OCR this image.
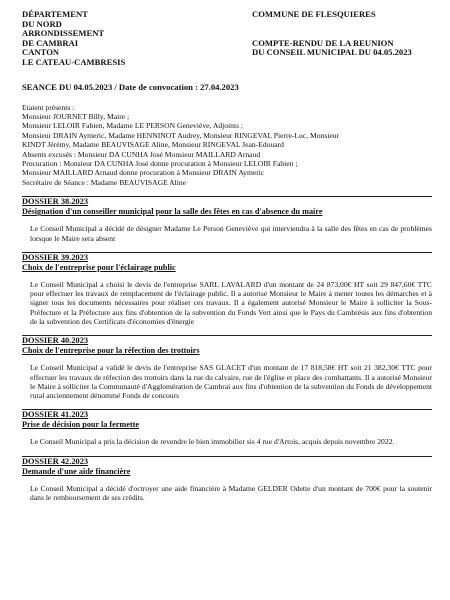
DÉPARTEMENT
DU NORD
ARRONDISSEMENT
DE CAMBRAI
CANTON
LE CATEAU-CAMBRESIS
COMMUNE DE FLESQUIERES
COMPTE-RENDU DE LA REUNION
DU CONSEIL MUNICIPAL DU 04.05.2023
SEANCE DU 04.05.2023 / Date de convocation : 27.04.2023
Etaient présents :
Monsieur JOURNET Billy, Maire ;
Monsieur LELOIR Fabien, Madame LE PERSON Geneviève, Adjoints ;
Monsieur DRAIN Aymeric, Madame HENNINOT Audrey, Monsieur RINGEVAL Pierre-Luc, Monsieur
KINDT Jérémy, Madame BEAUVISAGE Aline, Monsieur RINGEVAL Jean-Edouard
Absents excusés : Monsieur DA CUNHA José Monsieur MAILLARD Arnaud
Procuration : Monsieur DA CUNHA José donne procuration à Monsieur LELOIR Fabien ;
Monsieur MAILLARD Arnaud donne procuration à Monsieur DRAIN Aymeric
Secrétaire de Séance : Madame BEAUVISAGE Aline
DOSSIER 38.2023
Désignation d'un conseiller municipal pour la salle des fêtes en cas d'absence du maire
Le Conseil Municipal a décidé de désigner Madame Le Person Geneviève qui interviendra à la salle des fêtes en cas de problèmes lorsque le Maire sera absent
DOSSIER 39.2023
Choix de l'entreprise pour l'éclairage public
Le Conseil Municipal a choisi le devis de l'entreprise SARL LAVALARD d'un montant de 24 873,00€ HT soit 29 847,60€ TTC pour effectuer les travaux de remplacement de l'éclairage public. Il a autorisé Monsieur le Maire à mener toutes les démarches et à signer tous les documents nécessaires pour réaliser ces travaux. Il a également autorisé Monsieur le Maire à solliciter la Sous-Préfecture et la Préfecture aux fins d'obtention de la subvention du Fonds Vert ainsi que le Pays du Cambrésis aux fins d'obtention de la subvention des Certificats d'économies d'énergie
DOSSIER 40.2023
Choix de l'entreprise pour la réfection des trottoirs
Le Conseil Municipal a validé le devis de l'entreprise SAS GLACET d'un montant de 17 818,58€ HT soit 21 382,30€ TTC pour effectuer les travaux de réfection des trottoirs dans la rue du calvaire, rue de l'église et place des combattants. Il a autorisé Monsieur le Maire à solliciter la Communauté d'Agglomération de Cambrai aux fins d'obtention de la subvention du Fonds de développement rural anciennement dénommé Fonds de concours
DOSSIER 41.2023
Prise de décision pour la fermette
Le Conseil Municipal a pris la décision de revendre le bien immobilier sis 4 rue d'Artois, acquis depuis novembre 2022.
DOSSIER 42.2023
Demande d'une aide financière
Le Conseil Municipal a décidé d'octroyer une aide financière à Madame GELDER Odette d'un montant de 700€ pour la soutenir dans le remboursement de ses crédits.
